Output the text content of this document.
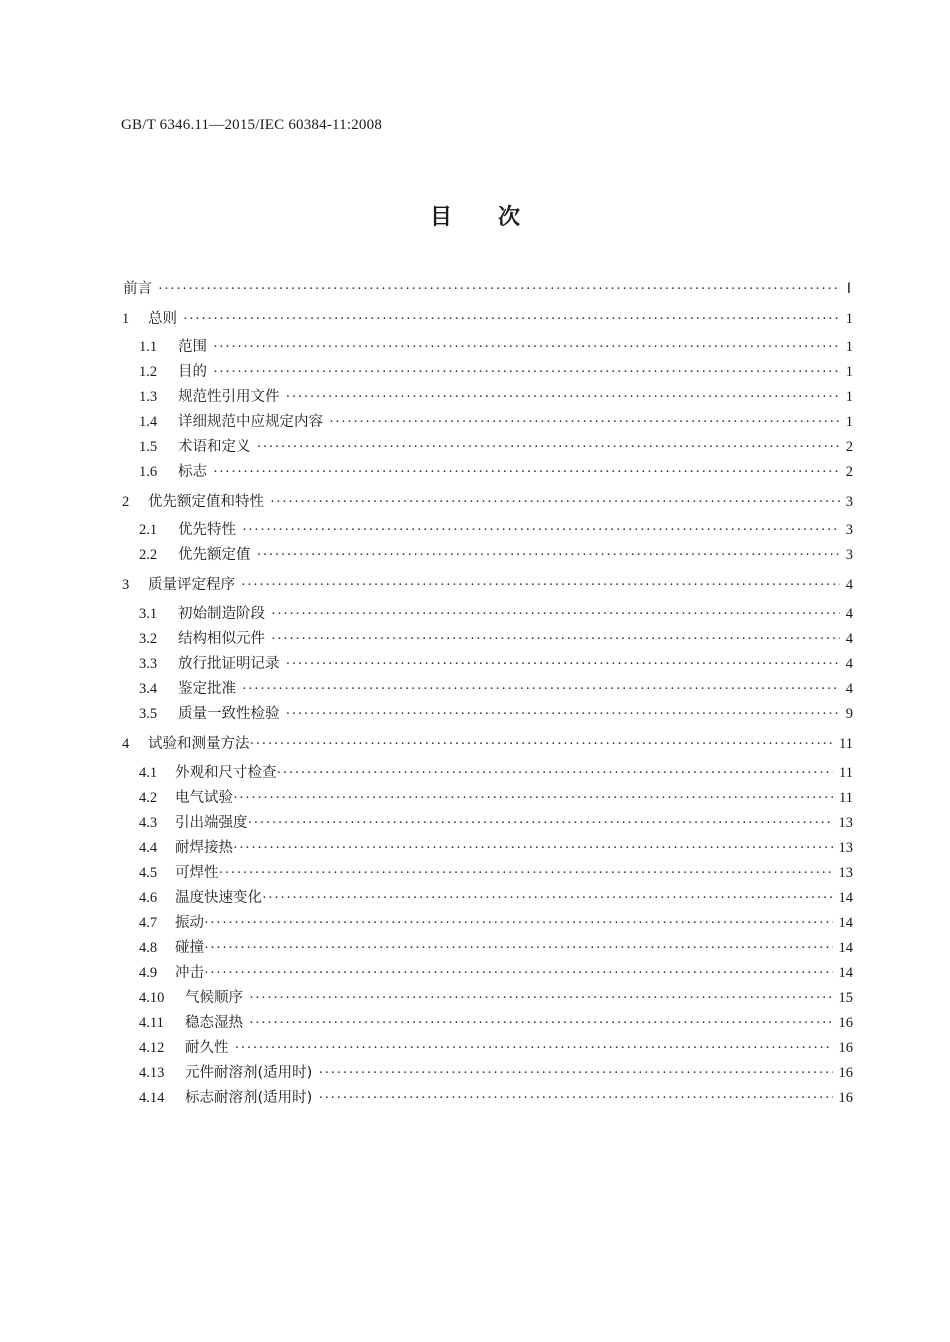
GB/T 6346.11—2015/IEC 60384-11:2008
目次
前言 ·····	Ⅰ
1	总则 ·····	1
1.1	范围 ·····	1
1.2	目的 ·····	1
1.3	规范性引用文件 ·····	1
1.4	详细规范中应规定内容 ·····	1
1.5	术语和定义 ·····	2
1.6	标志 ·····	2
2	优先额定值和特性 ·····	3
2.1	优先特性 ·····	3
2.2	优先额定值 ·····	3
3	质量评定程序 ·····	4
3.1	初始制造阶段 ·····	4
3.2	结构相似元件 ·····	4
3.3	放行批证明记录 ·····	4
3.4	鉴定批准 ·····	4
3.5	质量一致性检验 ·····	9
4	试验和测量方法 ·····	11
4.1	外观和尺寸检查 ·····	11
4.2	电气试验 ·····	11
4.3	引出端强度 ·····	13
4.4	耐焊接热 ·····	13
4.5	可焊性 ·····	13
4.6	温度快速变化 ·····	14
4.7	振动 ·····	14
4.8	碰撞 ·····	14
4.9	冲击 ·····	14
4.10	气候顺序 ·····	15
4.11	稳态湿热 ·····	16
4.12	耐久性 ·····	16
4.13	元件耐溶剂(适用时) ·····	16
4.14	标志耐溶剂(适用时) ·····	16
